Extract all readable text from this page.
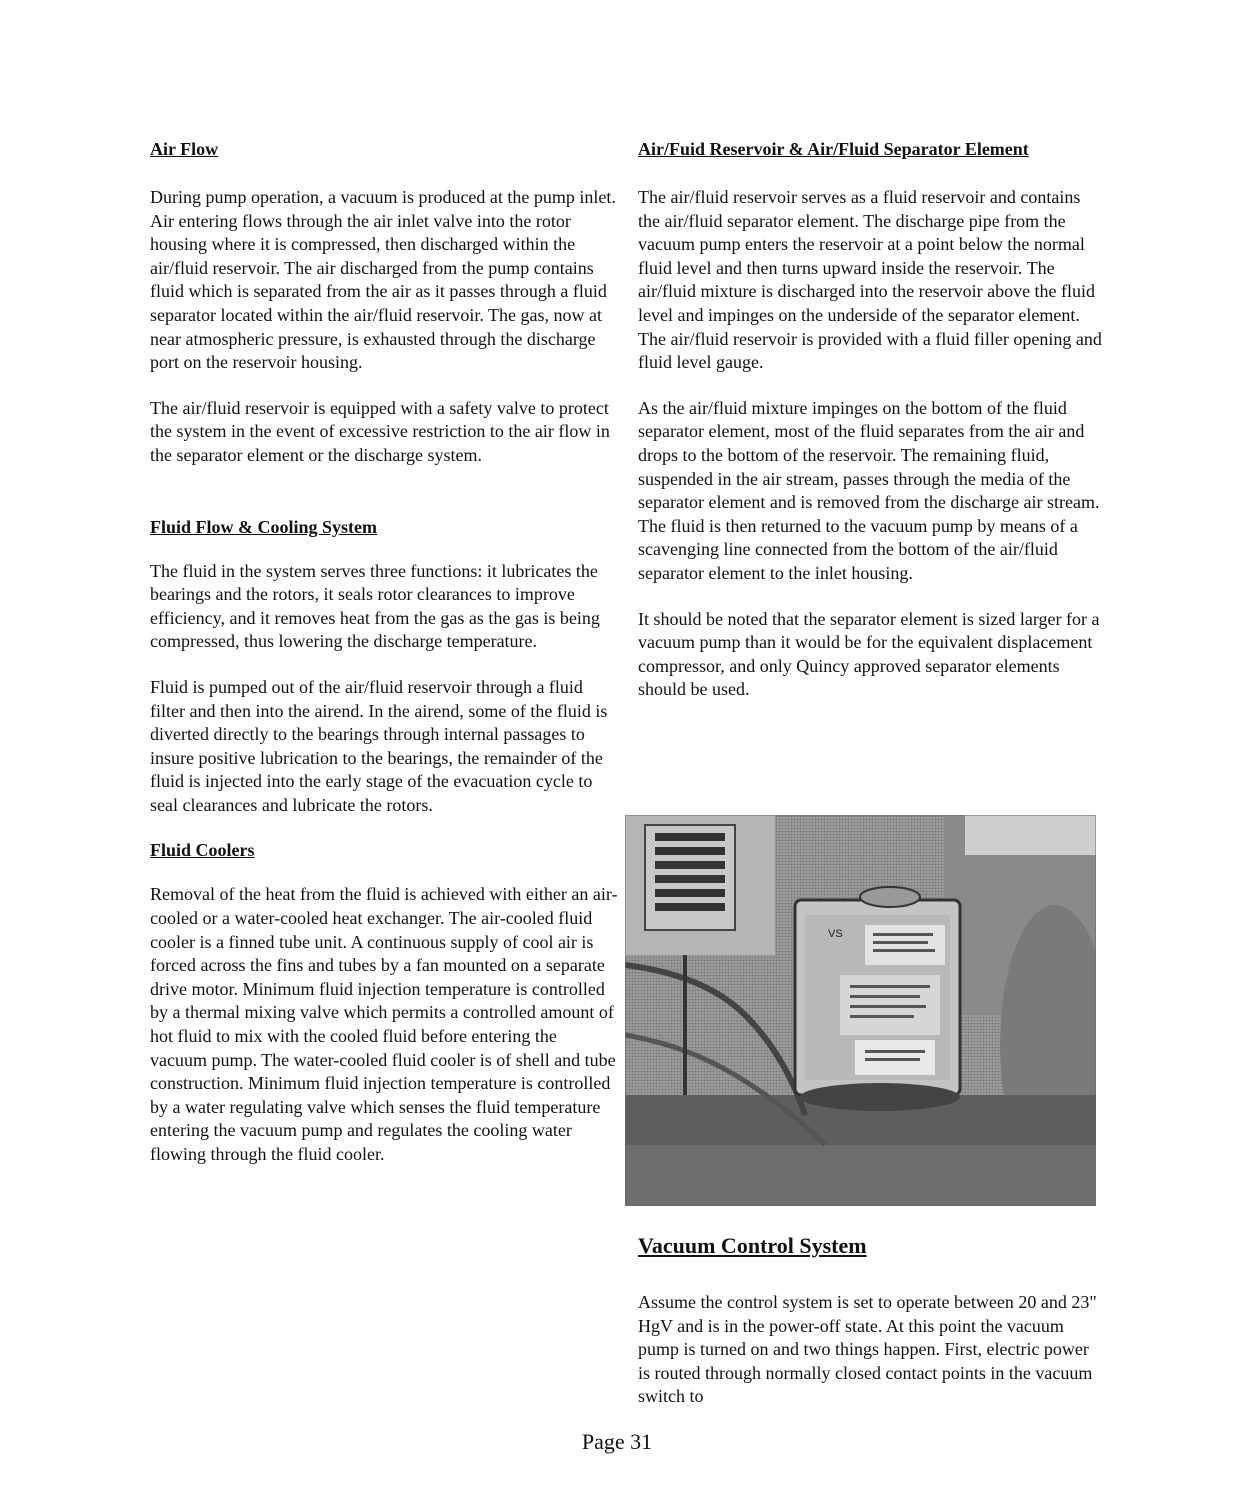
Air Flow

During pump operation, a vacuum is produced at the pump inlet. Air entering flows through the air inlet valve into the rotor housing where it is compressed, then discharged within the air/fluid reservoir. The air discharged from the pump contains fluid which is separated from the air as it passes through a fluid separator located within the air/fluid reservoir. The gas, now at near atmospheric pressure, is exhausted through the discharge port on the reservoir housing.

The air/fluid reservoir is equipped with a safety valve to protect the system in the event of excessive restriction to the air flow in the separator element or the discharge system.

Fluid Flow & Cooling System

The fluid in the system serves three functions: it lubricates the bearings and the rotors, it seals rotor clearances to improve efficiency, and it removes heat from the gas as the gas is being compressed, thus lowering the discharge temperature.

Fluid is pumped out of the air/fluid reservoir through a fluid filter and then into the airend. In the airend, some of the fluid is diverted directly to the bearings through internal passages to insure positive lubrication to the bearings, the remainder of the fluid is injected into the early stage of the evacuation cycle to seal clearances and lubricate the rotors.

Fluid Coolers

Removal of the heat from the fluid is achieved with either an air-cooled or a water-cooled heat exchanger. The air-cooled fluid cooler is a finned tube unit. A continuous supply of cool air is forced across the fins and tubes by a fan mounted on a separate drive motor. Minimum fluid injection temperature is controlled by a thermal mixing valve which permits a controlled amount of hot fluid to mix with the cooled fluid before entering the vacuum pump. The water-cooled fluid cooler is of shell and tube construction. Minimum fluid injection temperature is controlled by a water regulating valve which senses the fluid temperature entering the vacuum pump and regulates the cooling water flowing through the fluid cooler.

Air/Fuid Reservoir & Air/Fluid Separator Element

The air/fluid reservoir serves as a fluid reservoir and contains the air/fluid separator element. The discharge pipe from the vacuum pump enters the reservoir at a point below the normal fluid level and then turns upward inside the reservoir. The air/fluid mixture is discharged into the reservoir above the fluid level and impinges on the underside of the separator element. The air/fluid reservoir is provided with a fluid filler opening and fluid level gauge.

As the air/fluid mixture impinges on the bottom of the fluid separator element, most of the fluid separates from the air and drops to the bottom of the reservoir. The remaining fluid, suspended in the air stream, passes through the media of the separator element and is removed from the discharge air stream. The fluid is then returned to the vacuum pump by means of a scavenging line connected from the bottom of the air/fluid separator element to the inlet housing.

It should be noted that the separator element is sized larger for a vacuum pump than it would be for the equivalent displacement compressor, and only Quincy approved separator elements should be used.

VS

Vacuum Control System

Assume the control system is set to operate between 20 and 23" HgV and is in the power-off state. At this point the vacuum pump is turned on and two things happen. First, electric power is routed through normally closed contact points in the vacuum switch to

Page 31
